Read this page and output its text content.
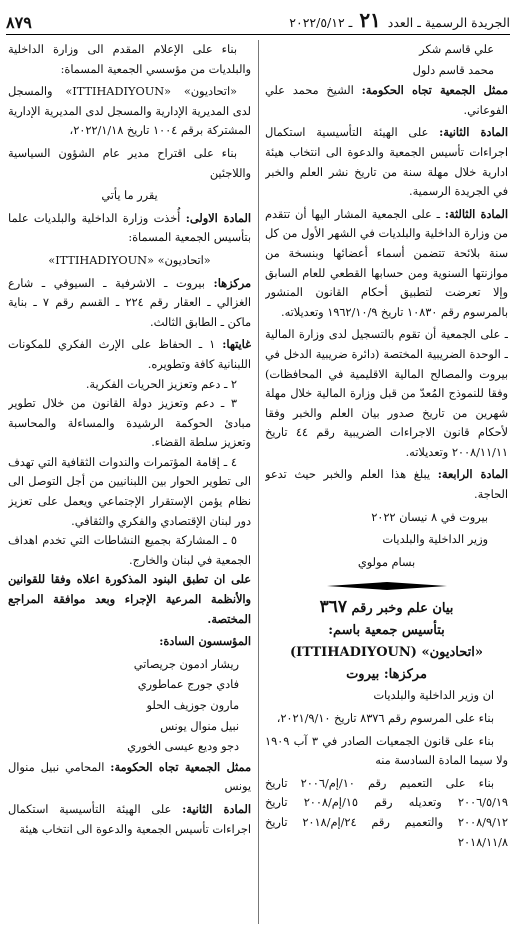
الجريدة الرسمية ـ العدد ٢١ ـ ٢٠٢٢/٥/١٢
٨٧٩

علي قاسم شكر

محمد قاسم دلول

ممثل الجمعية تجاه الحكومة: الشيخ محمد علي الفوعاني.

المادة الثانية: على الهيئة التأسيسية استكمال اجراءات تأسيس الجمعية والدعوة الى انتخاب هيئة ادارية خلال مهلة سنة من تاريخ نشر العلم والخبر في الجريدة الرسمية.

المادة الثالثة: ـ على الجمعية المشار اليها أن تتقدم من وزارة الداخلية والبلديات في الشهر الأول من كل سنة بلائحة تتضمن أسماء أعضائها وبنسخة من موازنتها السنوية ومن حسابها القطعي للعام السابق وإلا تعرضت لتطبيق أحكام القانون المنشور بالمرسوم رقم ١٠٨٣٠ تاريخ ١٩٦٢/١٠/٩ وتعديلاته.

ـ على الجمعية أن تقوم بالتسجيل لدى وزارة المالية ـ الوحدة الضريبية المختصة (دائرة ضريبية الدخل في بيروت والمصالح المالية الاقليمية في المحافظات) وفقا للنموذج المُعدّ من قبل وزارة المالية خلال مهلة شهرين من تاريخ صدور بيان العلم والخبر وفقا لأحكام قانون الاجراءات الضريبية رقم ٤٤ تاريخ ٢٠٠٨/١١/١١ وتعديلاته.

المادة الرابعة: يبلغ هذا العلم والخبر حيث تدعو الحاجة.

بيروت في ٨ نيسان ٢٠٢٢

وزير الداخلية والبلديات

بسام مولوي

بيان علم وخبر رقم ٣٦٧

بتأسيس جمعية باسم:

«اتحاديون» (ITTIHADIYOUN)

مركزها: بيروت

ان وزير الداخلية والبلديات

بناء على المرسوم رقم ٨٣٧٦ تاريخ ٢٠٢١/٩/١٠،

بناء على قانون الجمعيات الصادر في ٣ آب ١٩٠٩ ولا سيما المادة السادسة منه

بناء على التعميم رقم ١٠/إم/٢٠٠٦ تاريخ ٢٠٠٦/٥/١٩ وتعديله رقم ١٥/إم/٢٠٠٨ تاريخ ٢٠٠٨/٩/١٢ والتعميم رقم ٢٤/إم/٢٠١٨ تاريخ ٢٠١٨/١١/٨

بناء على الإعلام المقدم الى وزارة الداخلية والبلديات من مؤسسي الجمعية المسماة:

«اتحاديون» «ITTIHADIYOUN» والمسجل لدى المديرية الإدارية والمسجل لدى المديرية الإدارية المشتركة برقم ١٠٠٤ تاريخ ٢٠٢٢/١/١٨،

بناء على اقتراح مدير عام الشؤون السياسية واللاجئين

يقرر ما يأتي

المادة الاولى: أُخذت وزارة الداخلية والبلديات علما بتأسيس الجمعية المسماة:

«اتحاديون» «ITTIHADIYOUN»

مركزها: بيروت ـ الاشرفية ـ السيوفي ـ شارع الغزالي ـ العقار رقم ٢٢٤ ـ القسم رقم ٧ ـ بناية ماكن ـ الطابق الثالث.

غايتها: ١ ـ الحفاظ على الإرث الفكري للمكونات اللبنانية كافة وتطويره.
٢ ـ دعم وتعزيز الحريات الفكرية.
٣ ـ دعم وتعزيز دولة القانون من خلال تطوير مبادئ الحوكمة الرشيدة والمساءلة والمحاسبة وتعزيز سلطة القضاء.
٤ ـ إقامة المؤتمرات والندوات الثقافية التي تهدف الى تطوير الحوار بين اللبنانيين من أجل التوصل الى نظام يؤمن الإستقرار الإجتماعي ويعمل على تعزيز دور لبنان الإقتصادي والفكري والثقافي.
٥ ـ المشاركة بجميع النشاطات التي تخدم اهداف الجمعية في لبنان والخارج.

على ان تطبق البنود المذكورة اعلاه وفقا للقوانين والأنظمة المرعية الإجراء وبعد موافقة المراجع المختصة.

المؤسسون السادة:

ريشار ادمون جريصاتي

فادي جورج عماطوري

مارون جوزيف الحلو

نبيل منوال يونس

دجو وديع عيسى الخوري

ممثل الجمعية تجاه الحكومة: المحامي نبيل منوال يونس

المادة الثانية: على الهيئة التأسيسية استكمال اجراءات تأسيس الجمعية والدعوة الى انتخاب هيئة
